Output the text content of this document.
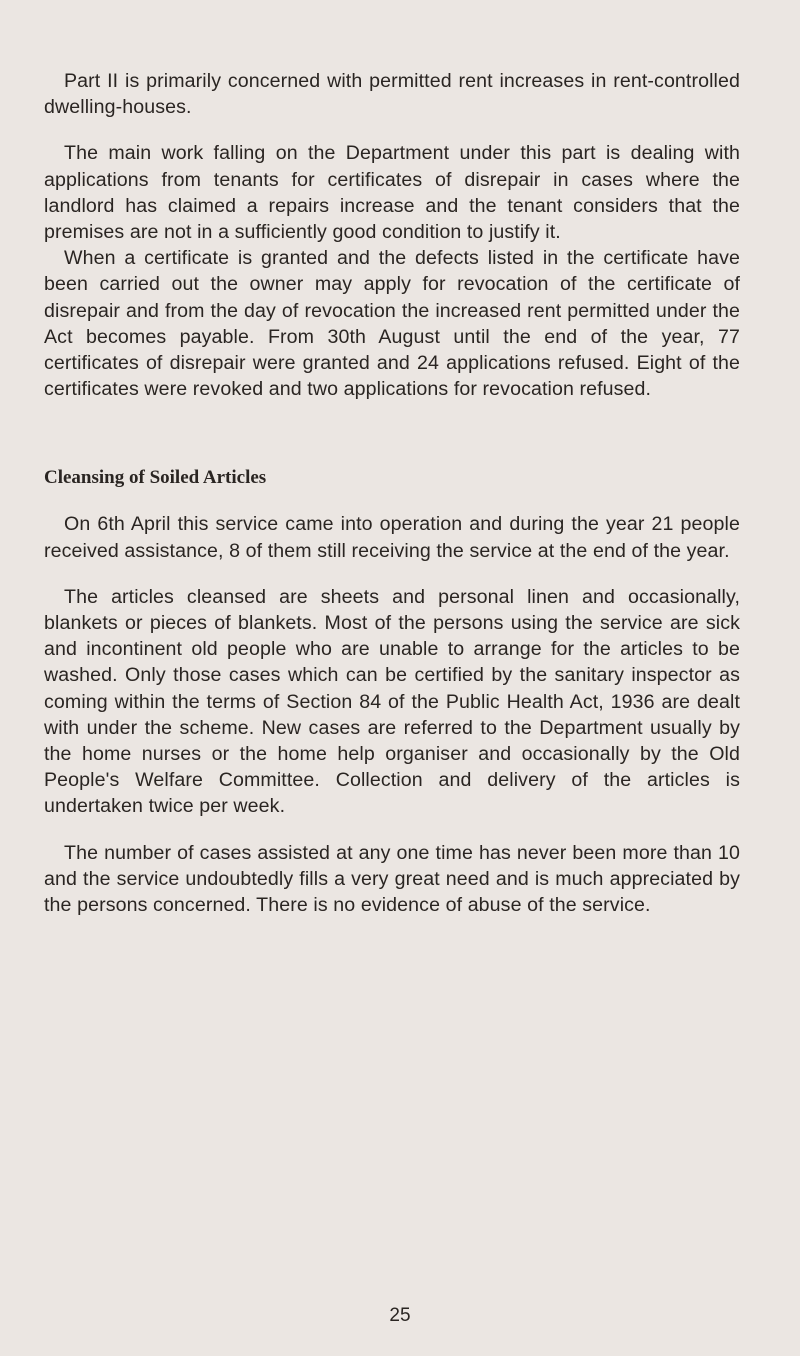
Part II is primarily concerned with permitted rent increases in rent-controlled dwelling-houses.

The main work falling on the Department under this part is dealing with applications from tenants for certificates of disrepair in cases where the landlord has claimed a repairs increase and the tenant considers that the premises are not in a sufficiently good condition to justify it.

When a certificate is granted and the defects listed in the certificate have been carried out the owner may apply for revocation of the certificate of disrepair and from the day of revocation the increased rent permitted under the Act becomes payable. From 30th August until the end of the year, 77 certificates of disrepair were granted and 24 applications refused. Eight of the certificates were revoked and two applications for revocation refused.

Cleansing of Soiled Articles

On 6th April this service came into operation and during the year 21 people received assistance, 8 of them still receiving the service at the end of the year.

The articles cleansed are sheets and personal linen and occasionally, blankets or pieces of blankets. Most of the persons using the service are sick and incontinent old people who are unable to arrange for the articles to be washed. Only those cases which can be certified by the sanitary inspector as coming within the terms of Section 84 of the Public Health Act, 1936 are dealt with under the scheme. New cases are referred to the Department usually by the home nurses or the home help organiser and occasionally by the Old People's Welfare Committee. Collection and delivery of the articles is undertaken twice per week.

The number of cases assisted at any one time has never been more than 10 and the service undoubtedly fills a very great need and is much appreciated by the persons concerned. There is no evidence of abuse of the service.

25
